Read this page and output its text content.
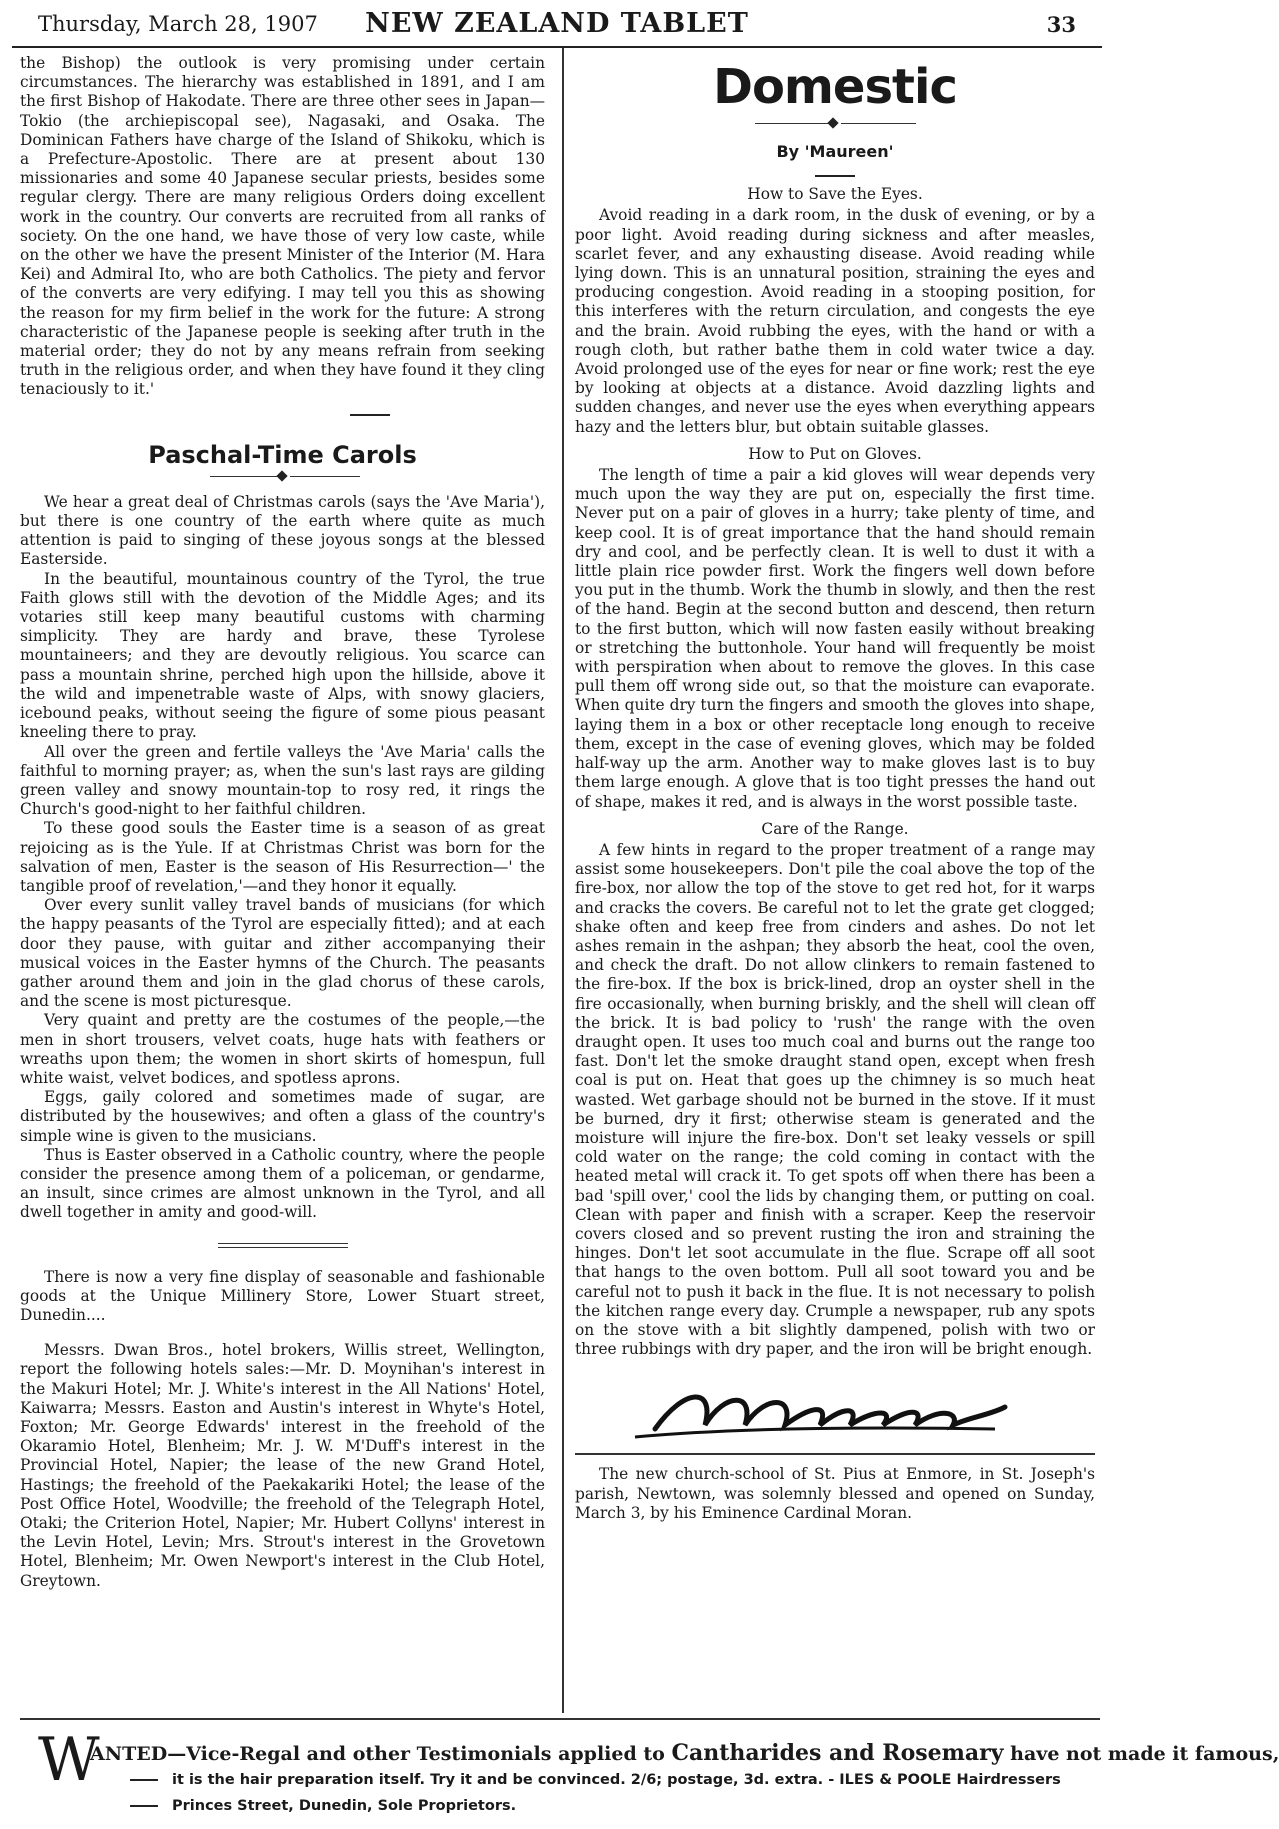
Thursday, March 28, 1907	NEW ZEALAND TABLET	33

the Bishop) the outlook is very promising under certain circumstances. The hierarchy was established in 1891, and I am the first Bishop of Hakodate. There are three other sees in Japan—Tokio (the archiepiscopal see), Nagasaki, and Osaka. The Dominican Fathers have charge of the Island of Shikoku, which is a Prefecture-Apostolic. There are at present about 130 missionaries and some 40 Japanese secular priests, besides some regular clergy. There are many religious Orders doing excellent work in the country. Our converts are recruited from all ranks of society. On the one hand, we have those of very low caste, while on the other we have the present Minister of the Interior (M. Hara Kei) and Admiral Ito, who are both Catholics. The piety and fervor of the converts are very edifying. I may tell you this as showing the reason for my firm belief in the work for the future: A strong characteristic of the Japanese people is seeking after truth in the material order; they do not by any means refrain from seeking truth in the religious order, and when they have found it they cling tenaciously to it.'

Paschal-Time Carols

We hear a great deal of Christmas carols (says the 'Ave Maria'), but there is one country of the earth where quite as much attention is paid to singing of these joyous songs at the blessed Easterside.

In the beautiful, mountainous country of the Tyrol, the true Faith glows still with the devotion of the Middle Ages; and its votaries still keep many beautiful customs with charming simplicity. They are hardy and brave, these Tyrolese mountaineers; and they are devoutly religious. You scarce can pass a mountain shrine, perched high upon the hillside, above it the wild and impenetrable waste of Alps, with snowy glaciers, icebound peaks, without seeing the figure of some pious peasant kneeling there to pray.

All over the green and fertile valleys the 'Ave Maria' calls the faithful to morning prayer; as, when the sun's last rays are gilding green valley and snowy mountain-top to rosy red, it rings the Church's good-night to her faithful children.

To these good souls the Easter time is a season of as great rejoicing as is the Yule. If at Christmas Christ was born for the salvation of men, Easter is the season of His Resurrection—' the tangible proof of revelation,'—and they honor it equally.

Over every sunlit valley travel bands of musicians (for which the happy peasants of the Tyrol are especially fitted); and at each door they pause, with guitar and zither accompanying their musical voices in the Easter hymns of the Church. The peasants gather around them and join in the glad chorus of these carols, and the scene is most picturesque.

Very quaint and pretty are the costumes of the people,—the men in short trousers, velvet coats, huge hats with feathers or wreaths upon them; the women in short skirts of homespun, full white waist, velvet bodices, and spotless aprons.

Eggs, gaily colored and sometimes made of sugar, are distributed by the housewives; and often a glass of the country's simple wine is given to the musicians.

Thus is Easter observed in a Catholic country, where the people consider the presence among them of a policeman, or gendarme, an insult, since crimes are almost unknown in the Tyrol, and all dwell together in amity and good-will.

There is now a very fine display of seasonable and fashionable goods at the Unique Millinery Store, Lower Stuart street, Dunedin....

Messrs. Dwan Bros., hotel brokers, Willis street, Wellington, report the following hotels sales:—Mr. D. Moynihan's interest in the Makuri Hotel; Mr. J. White's interest in the All Nations' Hotel, Kaiwarra; Messrs. Easton and Austin's interest in Whyte's Hotel, Foxton; Mr. George Edwards' interest in the freehold of the Okaramio Hotel, Blenheim; Mr. J. W. M'Duff's interest in the Provincial Hotel, Napier; the lease of the new Grand Hotel, Hastings; the freehold of the Paekakariki Hotel; the lease of the Post Office Hotel, Woodville; the freehold of the Telegraph Hotel, Otaki; the Criterion Hotel, Napier; Mr. Hubert Collyns' interest in the Levin Hotel, Levin; Mrs. Strout's interest in the Grovetown Hotel, Blenheim; Mr. Owen Newport's interest in the Club Hotel, Greytown.

Domestic
By 'Maureen'
How to Save the Eyes.

Avoid reading in a dark room, in the dusk of evening, or by a poor light. Avoid reading during sickness and after measles, scarlet fever, and any exhausting disease. Avoid reading while lying down. This is an unnatural position, straining the eyes and producing congestion. Avoid reading in a stooping position, for this interferes with the return circulation, and congests the eye and the brain. Avoid rubbing the eyes, with the hand or with a rough cloth, but rather bathe them in cold water twice a day. Avoid prolonged use of the eyes for near or fine work; rest the eye by looking at objects at a distance. Avoid dazzling lights and sudden changes, and never use the eyes when everything appears hazy and the letters blur, but obtain suitable glasses.

How to Put on Gloves.

The length of time a pair a kid gloves will wear depends very much upon the way they are put on, especially the first time. Never put on a pair of gloves in a hurry; take plenty of time, and keep cool. It is of great importance that the hand should remain dry and cool, and be perfectly clean. It is well to dust it with a little plain rice powder first. Work the fingers well down before you put in the thumb. Work the thumb in slowly, and then the rest of the hand. Begin at the second button and descend, then return to the first button, which will now fasten easily without breaking or stretching the buttonhole. Your hand will frequently be moist with perspiration when about to remove the gloves. In this case pull them off wrong side out, so that the moisture can evaporate. When quite dry turn the fingers and smooth the gloves into shape, laying them in a box or other receptacle long enough to receive them, except in the case of evening gloves, which may be folded half-way up the arm. Another way to make gloves last is to buy them large enough. A glove that is too tight presses the hand out of shape, makes it red, and is always in the worst possible taste.

Care of the Range.

A few hints in regard to the proper treatment of a range may assist some housekeepers. Don't pile the coal above the top of the fire-box, nor allow the top of the stove to get red hot, for it warps and cracks the covers. Be careful not to let the grate get clogged; shake often and keep free from cinders and ashes. Do not let ashes remain in the ashpan; they absorb the heat, cool the oven, and check the draft. Do not allow clinkers to remain fastened to the fire-box. If the box is brick-lined, drop an oyster shell in the fire occasionally, when burning briskly, and the shell will clean off the brick. It is bad policy to 'rush' the range with the oven draught open. It uses too much coal and burns out the range too fast. Don't let the smoke draught stand open, except when fresh coal is put on. Heat that goes up the chimney is so much heat wasted. Wet garbage should not be burned in the stove. If it must be burned, dry it first; otherwise steam is generated and the moisture will injure the fire-box. Don't set leaky vessels or spill cold water on the range; the cold coming in contact with the heated metal will crack it. To get spots off when there has been a bad 'spill over,' cool the lids by changing them, or putting on coal. Clean with paper and finish with a scraper. Keep the reservoir covers closed and so prevent rusting the iron and straining the hinges. Don't let soot accumulate in the flue. Scrape off all soot that hangs to the oven bottom. Pull all soot toward you and be careful not to push it back in the flue. It is not necessary to polish the kitchen range every day. Crumple a newspaper, rub any spots on the stove with a bit slightly dampened, polish with two or three rubbings with dry paper, and the iron will be bright enough.

The new church-school of St. Pius at Enmore, in St. Joseph's parish, Newtown, was solemnly blessed and opened on Sunday, March 3, by his Eminence Cardinal Moran.

W
ANTED—Vice-Regal and other Testimonials applied to Cantharides and Rosemary have not made it famous,
it is the hair preparation itself. Try it and be convinced. 2/6; postage, 3d. extra. - ILES & POOLE Hairdressers
Princes Street, Dunedin, Sole Proprietors.
